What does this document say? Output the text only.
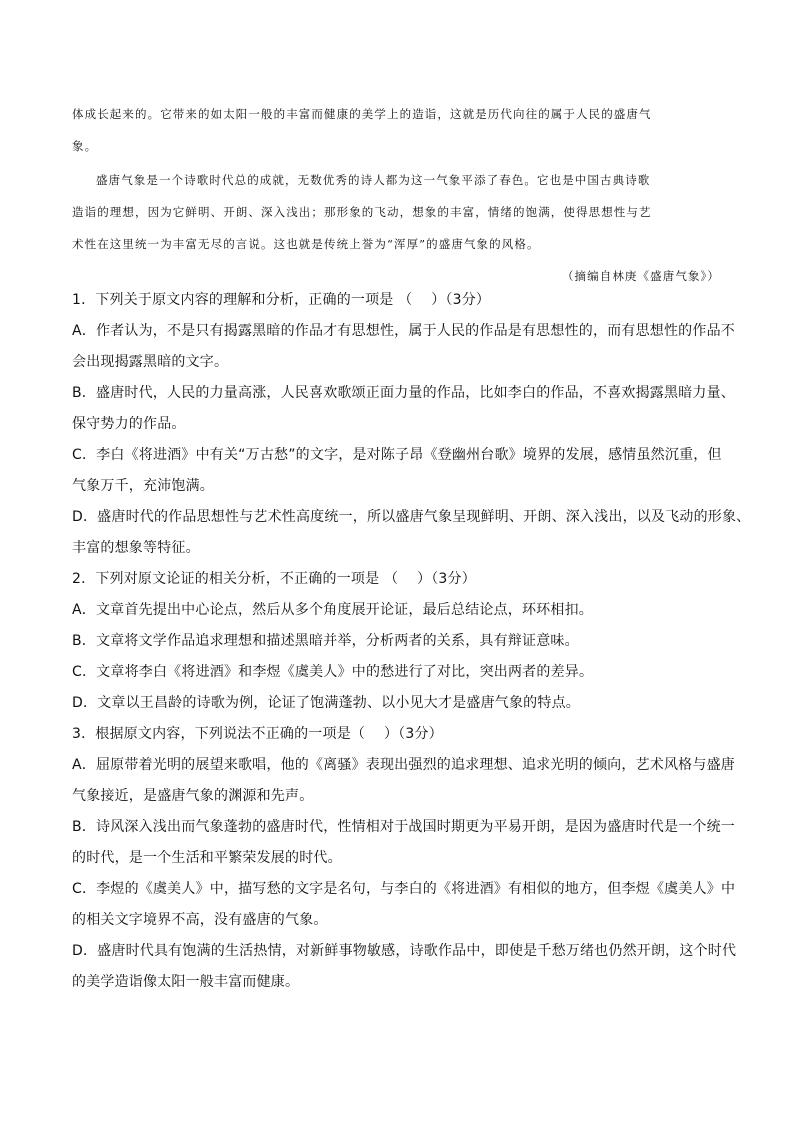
体成长起来的。它带来的如太阳一般的丰富而健康的美学上的造诣，这就是历代向往的属于人民的盛唐气
象。
盛唐气象是一个诗歌时代总的成就，无数优秀的诗人都为这一气象平添了春色。它也是中国古典诗歌
造诣的理想，因为它鲜明、开朗、深入浅出；那形象的飞动，想象的丰富，情绪的饱满，使得思想性与艺
术性在这里统一为丰富无尽的言说。这也就是传统上誉为“浑厚”的盛唐气象的风格。
（摘编自林庚《盛唐气象》）
1．下列关于原文内容的理解和分析，正确的一项是 （　 ）（3分）
A．作者认为，不是只有揭露黑暗的作品才有思想性，属于人民的作品是有思想性的，而有思想性的作品不
会出现揭露黑暗的文字。
B．盛唐时代，人民的力量高涨，人民喜欢歌颂正面力量的作品，比如李白的作品，不喜欢揭露黑暗力量、
保守势力的作品。
C．李白《将进酒》中有关“万古愁”的文字，是对陈子昂《登幽州台歌》境界的发展，感情虽然沉重，但
气象万千，充沛饱满。
D．盛唐时代的作品思想性与艺术性高度统一，所以盛唐气象呈现鲜明、开朗、深入浅出，以及飞动的形象、
丰富的想象等特征。
2．下列对原文论证的相关分析，不正确的一项是 （　 ）（3分）
A．文章首先提出中心论点，然后从多个角度展开论证，最后总结论点，环环相扣。
B．文章将文学作品追求理想和描述黑暗并举，分析两者的关系，具有辩证意味。
C．文章将李白《将进酒》和李煜《虞美人》中的愁进行了对比，突出两者的差异。
D．文章以王昌龄的诗歌为例，论证了饱满蓬勃、以小见大才是盛唐气象的特点。
3．根据原文内容，下列说法不正确的一项是（　 ）（3分）
A．屈原带着光明的展望来歌唱，他的《离骚》表现出强烈的追求理想、追求光明的倾向，艺术风格与盛唐
气象接近，是盛唐气象的渊源和先声。
B．诗风深入浅出而气象蓬勃的盛唐时代，性情相对于战国时期更为平易开朗，是因为盛唐时代是一个统一
的时代，是一个生活和平繁荣发展的时代。
C．李煜的《虞美人》中，描写愁的文字是名句，与李白的《将进酒》有相似的地方，但李煜《虞美人》中
的相关文字境界不高，没有盛唐的气象。
D．盛唐时代具有饱满的生活热情，对新鲜事物敏感，诗歌作品中，即使是千愁万绪也仍然开朗，这个时代
的美学造诣像太阳一般丰富而健康。
